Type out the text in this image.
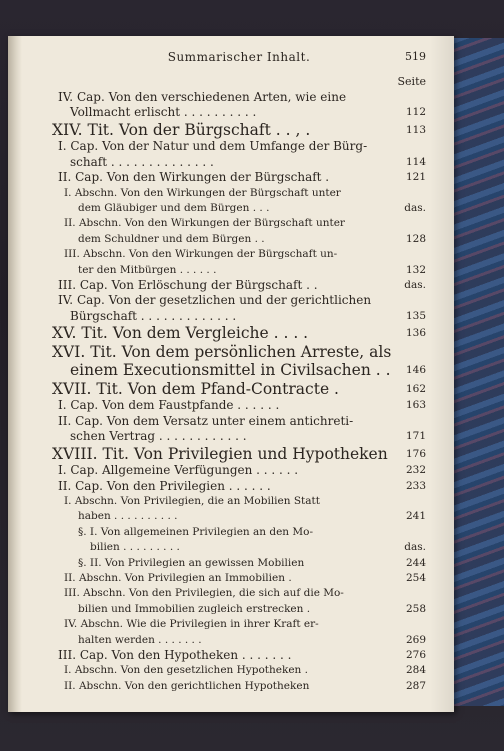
Summarischer Inhalt.	519
Seite
IV. Cap. Von den verschiedenen Arten, wie eine
Vollmacht erlischt . . . . . . . . . .	112
XIV. Tit. Von der Bürgschaft . . , .	113
I. Cap. Von der Natur und dem Umfange der Bürg-
schaft . . . . . . . . . . . . . .	114
II. Cap. Von den Wirkungen der Bürgschaft .	121
I. Abschn. Von den Wirkungen der Bürgschaft unter
dem Gläubiger und dem Bürgen . . .	das.
II. Abschn. Von den Wirkungen der Bürgschaft unter
dem Schuldner und dem Bürgen . .	128
III. Abschn. Von den Wirkungen der Bürgschaft un-
ter den Mitbürgen . . . . . .	132
III. Cap. Von Erlöschung der Bürgschaft . .	das.
IV. Cap. Von der gesetzlichen und der gerichtlichen
Bürgschaft . . . . . . . . . . . . .	135
XV. Tit. Von dem Vergleiche . . . .	136
XVI. Tit. Von dem persönlichen Arreste, als
einem Executionsmittel in Civilsachen . . 146
XVII. Tit. Von dem Pfand-Contracte .	162
I. Cap. Von dem Faustpfande . . . . . .	163
II. Cap. Von dem Versatz unter einem antichreti-
schen Vertrag . . . . . . . . . . . .	171
XVIII. Tit. Von Privilegien und Hypotheken 176
I. Cap. Allgemeine Verfügungen . . . . . .	232
II. Cap. Von den Privilegien . . . . . .	233
I. Abschn. Von Privilegien, die an Mobilien Statt
haben . . . . . . . . . .	241
§. I. Von allgemeinen Privilegien an den Mo-
bilien . . . . . . . . .	das.
§. II. Von Privilegien an gewissen Mobilien	244
II. Abschn. Von Privilegien an Immobilien .	254
III. Abschn. Von den Privilegien, die sich auf die Mo-
bilien und Immobilien zugleich erstrecken .	258
IV. Abschn. Wie die Privilegien in ihrer Kraft er-
halten werden . . . . . . .	269
III. Cap. Von den Hypotheken . . . . . . .	276
I. Abschn. Von den gesetzlichen Hypotheken .	284
II. Abschn. Von den gerichtlichen Hypotheken	287
